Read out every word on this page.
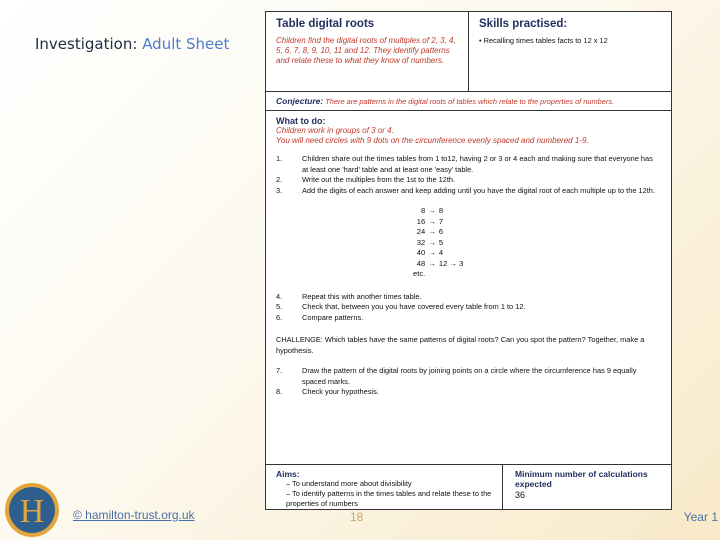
Investigation: Adult Sheet
H © hamilton-trust.org.uk	18	Year 1
Table digital roots
Children find the digital roots of multiples of 2, 3, 4, 5, 6, 7, 8, 9, 10, 11 and 12. They identify patterns and relate these to what they know of numbers.
Skills practised:
• Recalling times tables facts to 12 x 12
Conjecture: There are patterns in the digital roots of tables which relate to the properties of numbers.
What to do:
Children work in groups of 3 or 4.
You will need circles with 9 dots on the circumference evenly spaced and numbered 1-9.
1.	Children share out the times tables from 1 to12, having 2 or 3 or 4 each and making sure that everyone has at least one 'hard' table and at least one 'easy' table.
2.	Write out the multiples from the 1st to the 12th.
3.	Add the digits of each answer and keep adding until you have the digital root of each multiple up to the 12th.
8	→	8
16	→	7
24	→	6
32	→	5
40	→	4
48	→	12 → 3
etc.		
4.	Repeat this with another times table.
5.	Check that, between you you have covered every table from 1 to 12.
6.	Compare patterns.
CHALLENGE: Which tables have the same patterns of digital roots? Can you spot the pattern? Together, make a hypothesis.
7.	Draw the pattern of the digital roots by joining points on a circle where the circumference has 9 equally spaced marks.
8.	Check your hypothesis.
Aims:
– To understand more about divisibility
– To identify patterns in the times tables and relate these to the properties of numbers
Minimum number of calculations expected
36
